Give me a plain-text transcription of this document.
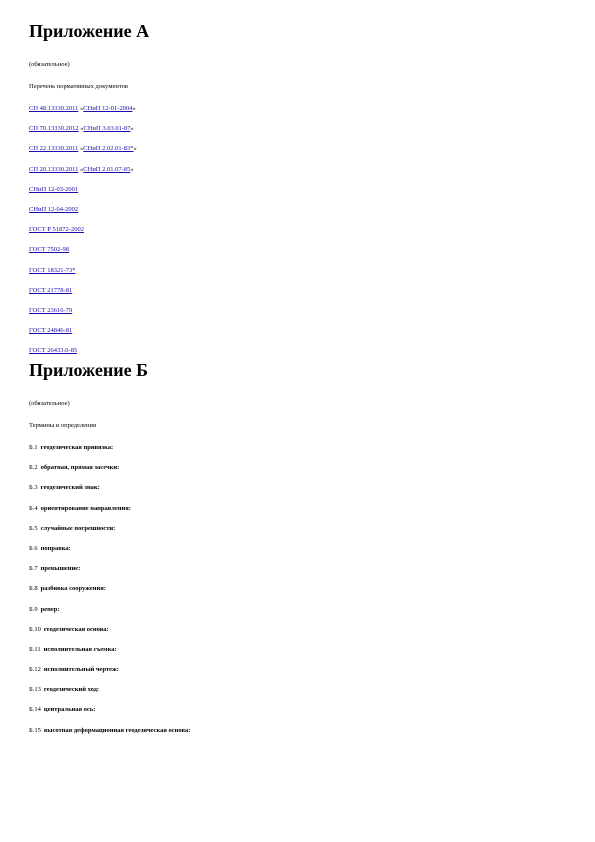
Приложение А

(обязательное)

Перечень нормативных документов

СП 48.13330.2011 «СНиП 12-01-2004»

СП 70.13330.2012 «СНиП 3.03.01-87»

СП 22.13330.2011 «СНиП 2.02.01-83*»

СП 20.13330.2011 «СНиП 2.01.07-85»

СНиП 12-03-2001

СНиП 12-04-2002

ГОСТ Р 51872-2002

ГОСТ 7502-98

ГОСТ 18321-73*

ГОСТ 21778-81

ГОСТ 23616-79

ГОСТ 24846-81

ГОСТ 26433.0-85

Приложение Б

(обязательное)

Термины и определения

Б.1 геодезическая привязка:

Б.2 обратная, прямая засечки:

Б.3 геодезический знак:

Б.4 ориентирование направления:

Б.5 случайные погрешности:

Б.6 поправка:

Б.7 превышение:

Б.8 разбивка сооружения:

Б.9 репер:

Б.10 геодезическая основа:

Б.11 исполнительная съемка:

Б.12 исполнительный чертеж:

Б.13 геодезический ход:

Б.14 центральная ось:

Б.15 высотная деформационная геодезическая основа:
